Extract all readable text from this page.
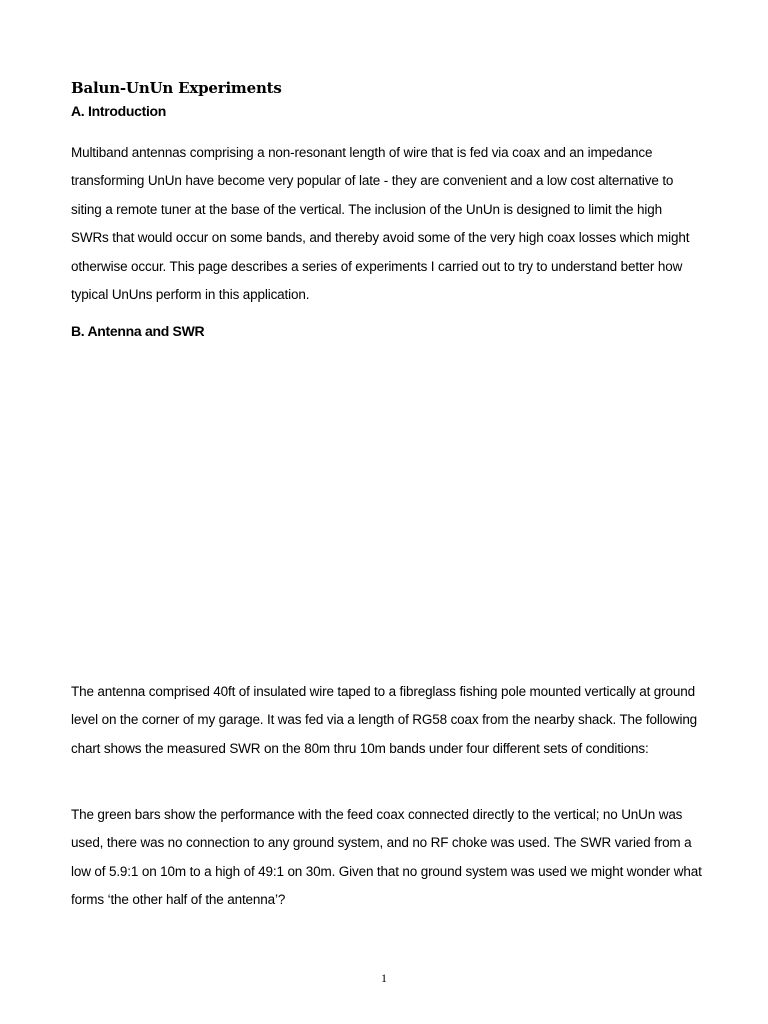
Balun-UnUn Experiments
A. Introduction

Multiband antennas comprising a non-resonant length of wire that is fed via coax and an impedance transforming UnUn have become very popular of late - they are convenient and a low cost alternative to siting a remote tuner at the base of the vertical. The inclusion of the UnUn is designed to limit the high SWRs that would occur on some bands, and thereby avoid some of the very high coax losses which might otherwise occur. This page describes a series of experiments I carried out to try to understand better how typical UnUns perform in this application.

B. Antenna and SWR

The antenna comprised 40ft of insulated wire taped to a fibreglass fishing pole mounted vertically at ground level on the corner of my garage. It was fed via a length of RG58 coax from the nearby shack. The following chart shows the measured SWR on the 80m thru 10m bands under four different sets of conditions:

The green bars show the performance with the feed coax connected directly to the vertical; no UnUn was used, there was no connection to any ground system, and no RF choke was used. The SWR varied from a low of 5.9:1 on 10m to a high of 49:1 on 30m. Given that no ground system was used we might wonder what forms ‘the other half of the antenna’?

1
